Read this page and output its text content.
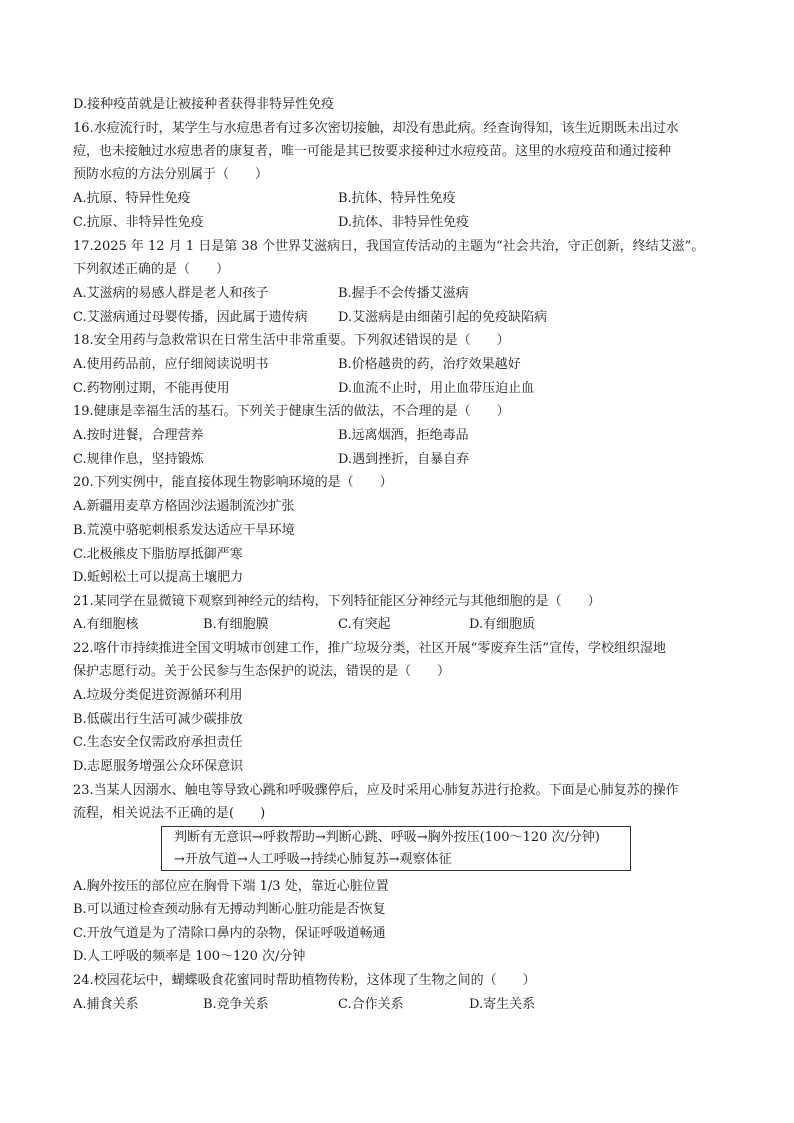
D.接种疫苗就是让被接种者获得非特异性免疫
16.水痘流行时，某学生与水痘患者有过多次密切接触，却没有患此病。经查询得知，该生近期既未出过水
痘，也未接触过水痘患者的康复者，唯一可能是其已按要求接种过水痘疫苗。这里的水痘疫苗和通过接种
预防水痘的方法分别属于（　　）
A.抗原、特异性免疫	B.抗体、特异性免疫
C.抗原、非特异性免疫	D.抗体、非特异性免疫
17.2025 年 12 月 1 日是第 38 个世界艾滋病日，我国宣传活动的主题为“社会共治，守正创新，终结艾滋”。
下列叙述正确的是（　　）
A.艾滋病的易感人群是老人和孩子	B.握手不会传播艾滋病
C.艾滋病通过母婴传播，因此属于遗传病 D.艾滋病是由细菌引起的免疫缺陷病
18.安全用药与急救常识在日常生活中非常重要。下列叙述错误的是（　　）
A.使用药品前，应仔细阅读说明书	B.价格越贵的药，治疗效果越好
C.药物刚过期，不能再使用	D.血流不止时，用止血带压迫止血
19.健康是幸福生活的基石。下列关于健康生活的做法，不合理的是（　　）
A.按时进餐，合理营养	B.远离烟酒，拒绝毒品
C.规律作息，坚持锻炼	D.遇到挫折，自暴自弃
20.下列实例中，能直接体现生物影响环境的是（　　）
A.新疆用麦草方格固沙法遏制流沙扩张
B.荒漠中骆驼刺根系发达适应干旱环境
C.北极熊皮下脂肪厚抵御严寒
D.蚯蚓松土可以提高土壤肥力
21.某同学在显微镜下观察到神经元的结构，下列特征能区分神经元与其他细胞的是（　　）
A.有细胞核	B.有细胞膜	C.有突起	D.有细胞质
22.喀什市持续推进全国文明城市创建工作，推广垃圾分类，社区开展“零废弃生活”宣传，学校组织湿地
保护志愿行动。关于公民参与生态保护的说法，错误的是（　　）
A.垃圾分类促进资源循环利用
B.低碳出行生活可减少碳排放
C.生态安全仅需政府承担责任
D.志愿服务增强公众环保意识
23.当某人因溺水、触电等导致心跳和呼吸骤停后，应及时采用心肺复苏进行抢救。下面是心肺复苏的操作
流程，相关说法不正确的是(　　)
判断有无意识→呼救帮助→判断心跳、呼吸→胸外按压(100～120 次/分钟)
→开放气道→人工呼吸→持续心肺复苏→观察体征
A.胸外按压的部位应在胸骨下端 1/3 处，靠近心脏位置
B.可以通过检查颈动脉有无搏动判断心脏功能是否恢复
C.开放气道是为了清除口鼻内的杂物，保证呼吸道畅通
D.人工呼吸的频率是 100～120 次/分钟
24.校园花坛中，蝴蝶吸食花蜜同时帮助植物传粉，这体现了生物之间的（　　）
A.捕食关系	B.竞争关系	C.合作关系	D.寄生关系
